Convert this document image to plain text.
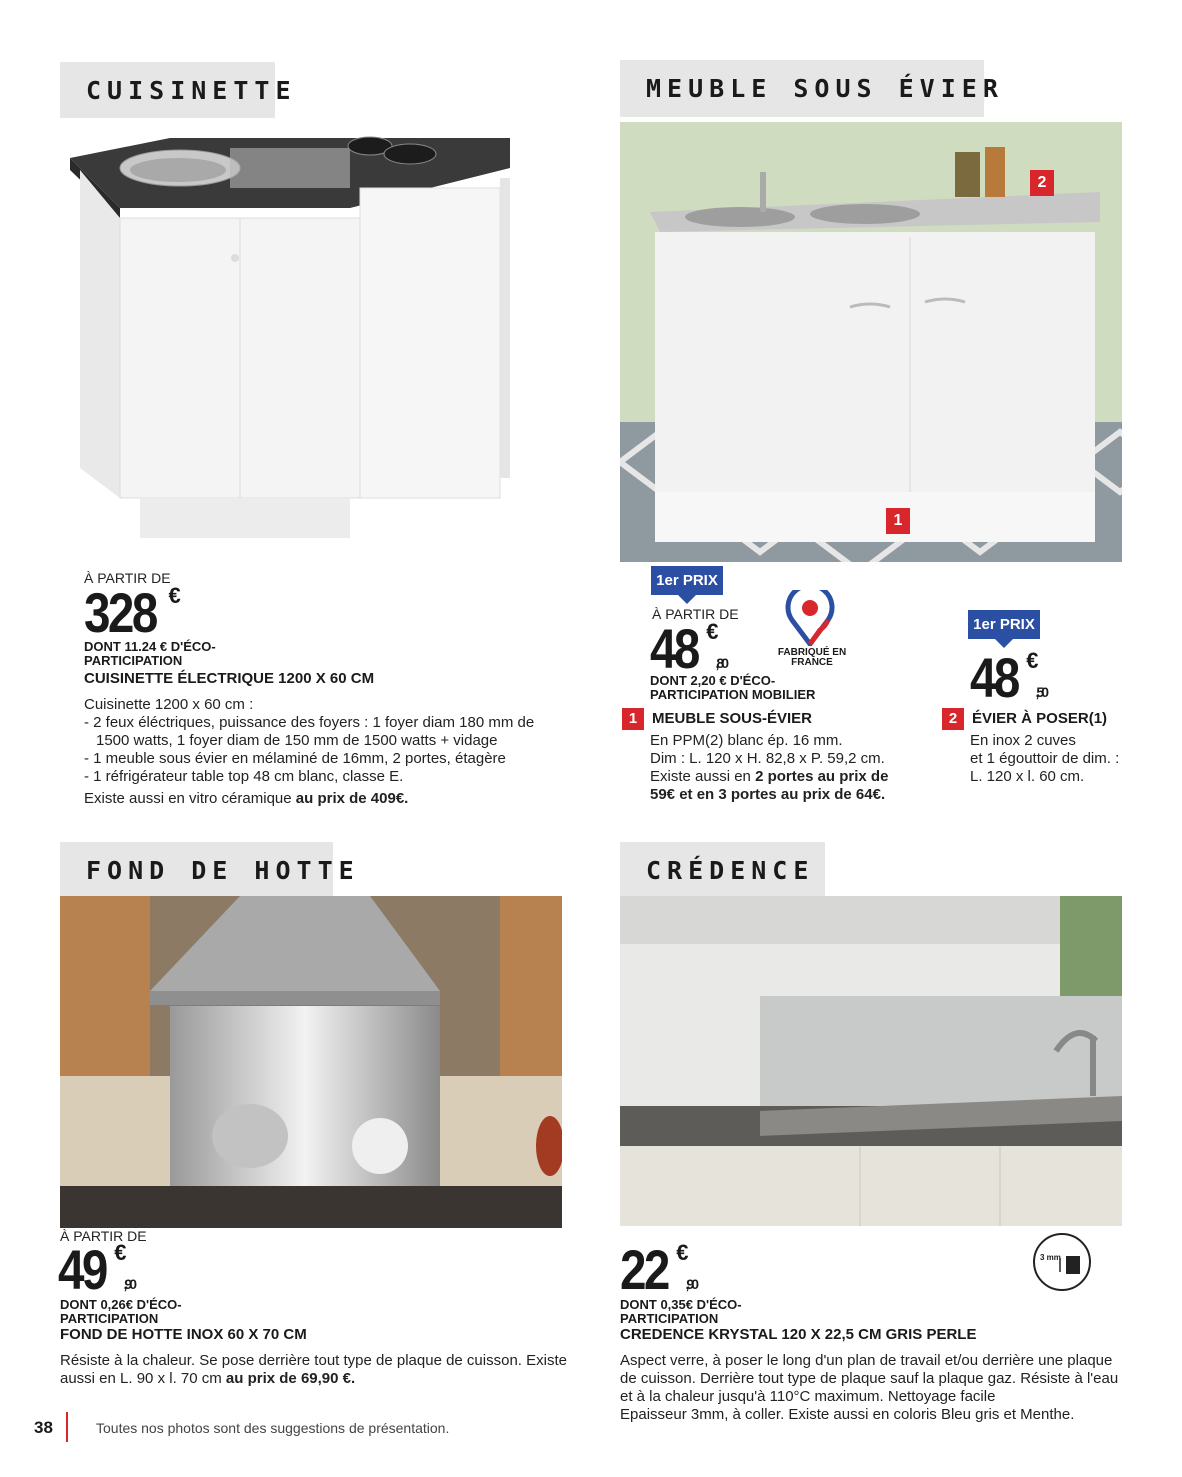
CUISINETTE
À PARTIR DE
328 €
DONT 11.24 € D'ÉCO-PARTICIPATION
CUISINETTE ÉLECTRIQUE 1200 X 60 CM
Cuisinette 1200 x 60 cm :
- 2 feux éléctriques, puissance des foyers : 1 foyer diam 180 mm de
1500 watts, 1 foyer diam de 150 mm de 1500 watts + vidage
- 1 meuble sous évier en mélaminé de 16mm, 2 portes, étagère
- 1 réfrigérateur table top 48 cm blanc, classe E.
Existe aussi en vitro céramique au prix de 409€.
MEUBLE SOUS ÉVIER
2
1
1er PRIX
À PARTIR DE
48 €,80
FABRIQUÉ EN FRANCE
DONT 2,20 € D'ÉCO-PARTICIPATION MOBILIER
1 MEUBLE SOUS-ÉVIER
En PPM(2) blanc ép. 16 mm.
Dim : L. 120 x H. 82,8 x P. 59,2 cm.
Existe aussi en 2 portes au prix de
59€ et en 3 portes au prix de 64€.
1er PRIX
48 €,50
2 ÉVIER À POSER(1)
En inox 2 cuves
et 1 égouttoir de dim. :
L. 120 x l. 60 cm.
FOND DE HOTTE
À PARTIR DE
49 €,90
DONT 0,26€ D'ÉCO-PARTICIPATION
FOND DE HOTTE INOX 60 X 70 CM
Résiste à la chaleur. Se pose derrière tout type de plaque de cuisson. Existe
aussi en L. 90 x l. 70 cm au prix de 69,90 €.
CRÉDENCE
22 €,90
3 mm
DONT 0,35€ D'ÉCO-PARTICIPATION
CREDENCE KRYSTAL 120 X 22,5 CM GRIS PERLE
Aspect verre, à poser le long d'un plan de travail et/ou derrière une plaque
de cuisson. Derrière tout type de plaque sauf la plaque gaz. Résiste à l'eau
et à la chaleur jusqu'à 110°C maximum. Nettoyage facile
Epaisseur 3mm, à coller. Existe aussi en coloris Bleu gris et Menthe.
38	Toutes nos photos sont des suggestions de présentation.
